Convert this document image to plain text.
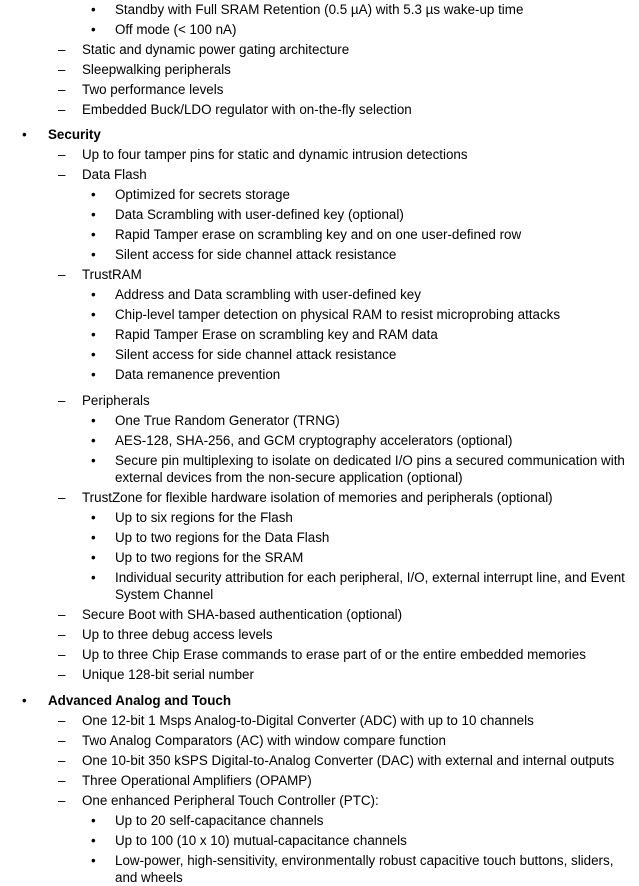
• Standby with Full SRAM Retention (0.5 µA) with 5.3 µs wake-up time
• Off mode (< 100 nA)
– Static and dynamic power gating architecture
– Sleepwalking peripherals
– Two performance levels
– Embedded Buck/LDO regulator with on-the-fly selection
• Security
– Up to four tamper pins for static and dynamic intrusion detections
– Data Flash
• Optimized for secrets storage
• Data Scrambling with user-defined key (optional)
• Rapid Tamper erase on scrambling key and on one user-defined row
• Silent access for side channel attack resistance
– TrustRAM
• Address and Data scrambling with user-defined key
• Chip-level tamper detection on physical RAM to resist microprobing attacks
• Rapid Tamper Erase on scrambling key and RAM data
• Silent access for side channel attack resistance
• Data remanence prevention
– Peripherals
• One True Random Generator (TRNG)
• AES-128, SHA-256, and GCM cryptography accelerators (optional)
• Secure pin multiplexing to isolate on dedicated I/O pins a secured communication with external devices from the non-secure application (optional)
– TrustZone for flexible hardware isolation of memories and peripherals (optional)
• Up to six regions for the Flash
• Up to two regions for the Data Flash
• Up to two regions for the SRAM
• Individual security attribution for each peripheral, I/O, external interrupt line, and Event System Channel
– Secure Boot with SHA-based authentication (optional)
– Up to three debug access levels
– Up to three Chip Erase commands to erase part of or the entire embedded memories
– Unique 128-bit serial number
• Advanced Analog and Touch
– One 12-bit 1 Msps Analog-to-Digital Converter (ADC) with up to 10 channels
– Two Analog Comparators (AC) with window compare function
– One 10-bit 350 kSPS Digital-to-Analog Converter (DAC) with external and internal outputs
– Three Operational Amplifiers (OPAMP)
– One enhanced Peripheral Touch Controller (PTC):
• Up to 20 self-capacitance channels
• Up to 100 (10 x 10) mutual-capacitance channels
• Low-power, high-sensitivity, environmentally robust capacitive touch buttons, sliders, and wheels
